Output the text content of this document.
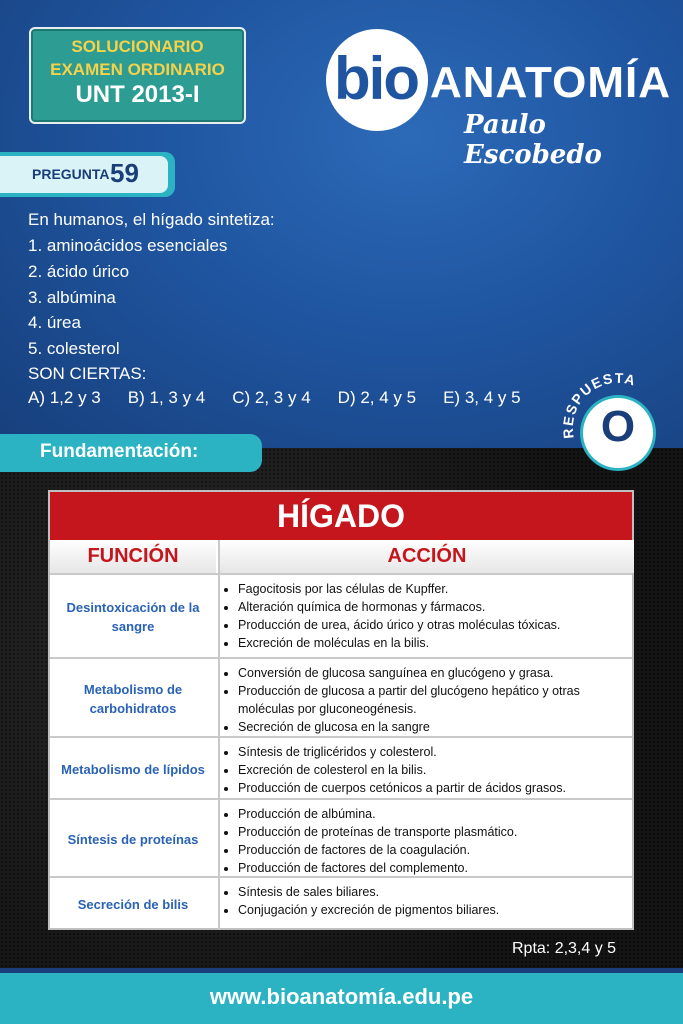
SOLUCIONARIO
EXAMEN ORDINARIO
UNT 2013-I	bio ANATOMÍA
Paulo Escobedo
PREGUNTA 59
En humanos, el hígado sintetiza:
1. aminoácidos esenciales
2. ácido úrico
3. albúmina
4. úrea
5. colesterol
SON CIERTAS:
A) 1,2 y 3 B) 1, 3 y 4 C) 2, 3 y 4 D) 2, 4 y 5 E) 3, 4 y 5
RESPUESTA
O
Fundamentación:
HÍGADO
FUNCIÓN	ACCIÓN
Desintoxicación de la sangre
• Fagocitosis por las células de Kupffer.
• Alteración química de hormonas y fármacos.
• Producción de urea, ácido úrico y otras moléculas tóxicas.
• Excreción de moléculas en la bilis.
Metabolismo de carbohidratos
• Conversión de glucosa sanguínea en glucógeno y grasa.
• Producción de glucosa a partir del glucógeno hepático y otras moléculas por gluconeogénesis.
• Secreción de glucosa en la sangre
Metabolismo de lípidos
• Síntesis de triglicéridos y colesterol.
• Excreción de colesterol en la bilis.
• Producción de cuerpos cetónicos a partir de ácidos grasos.
Síntesis de proteínas
• Producción de albúmina.
• Producción de proteínas de transporte plasmático.
• Producción de factores de la coagulación.
• Producción de factores del complemento.
Secreción de bilis
• Síntesis de sales biliares.
• Conjugación y excreción de pigmentos biliares.
Rpta: 2,3,4 y 5
www.bioanatomía.edu.pe
